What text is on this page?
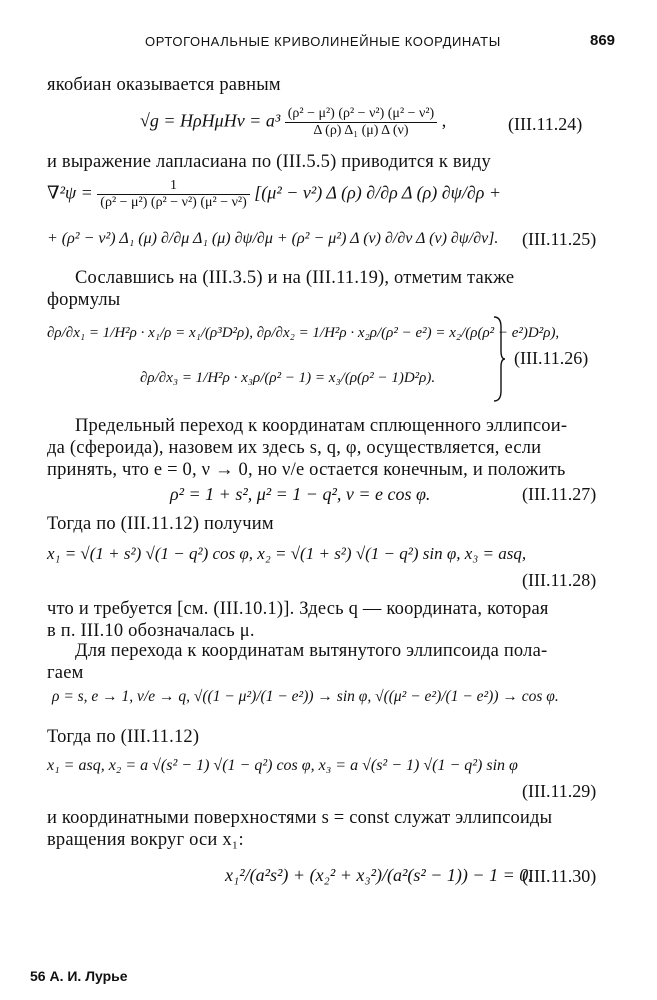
ОРТОГОНАЛЬНЫЕ КРИВОЛИНЕЙНЫЕ КООРДИНАТЫ	869
якобиан оказывается равным
$√g = H\rho H\mu H\nu = a^3 \frac{\text{(ρ² − μ²) (ρ² − ν²) (μ² − ν²)}}{\text{Δ (ρ) Δ₁ (μ) Δ (ν)}}$ ,	(III.11.24)
и выражение лапласиана по (III.5.5) приводится к виду
$\nabla^2\psi = \frac{1}{\text{(ρ² − μ²) (ρ² − ν²) (μ² − ν²)}} [(\mu^2 - \nu^2)$ Δ (ρ) ∂/∂ρ Δ (ρ) ∂ψ/∂ρ +
+ (ρ² − ν²) Δ₁ (μ) ∂/∂μ Δ₁ (μ) ∂ψ/∂μ + (ρ² − μ²) Δ (ν) ∂/∂ν Δ (ν) ∂ψ/∂ν]. (III.11.25)
Сославшись на (III.3.5) и на (III.11.19), отметим также
формулы
∂ρ/∂x₁ = 1/H²ρ · x₁/ρ = x₁/(ρ³D²ρ), ∂ρ/∂x₂ = 1/H²ρ · x₂ρ/(ρ² − e²) = x₂/(ρ(ρ² − e²)D²ρ),
∂ρ/∂x₃ = 1/H²ρ · x₃ρ/(ρ² − 1) = x₃/(ρ(ρ² − 1)D²ρ).
(III.11.26)
Предельный переход к координатам сплющенного эллипсои-
да (сфероида), назовем их здесь s, q, φ, осуществляется, если
принять, что e = 0, ν → 0, но ν/e остается конечным, и положить
ρ² = 1 + s², μ² = 1 − q², ν = e cos φ.	(III.11.27)
Тогда по (III.11.12) получим
x₁ = √(1 + s²) √(1 − q²) cos φ, x₂ = √(1 + s²) √(1 − q²) sin φ, x₃ = asq,
(III.11.28)
что и требуется [см. (III.10.1)]. Здесь q — координата, которая
в п. III.10 обозначалась μ.
Для перехода к координатам вытянутого эллипсоида пола-
гаем
ρ = s, e → 1, ν/e → q, √((1 − μ²)/(1 − e²)) → sin φ, √((μ² − e²)/(1 − e²)) → cos φ.
Тогда по (III.11.12)
x₁ = asq, x₂ = a √(s² − 1) √(1 − q²) cos φ, x₃ = a √(s² − 1) √(1 − q²) sin φ
(III.11.29)
и координатными поверхностями s = const служат эллипсоиды
вращения вокруг оси x₁:
x₁²/(a²s²) + (x₂² + x₃²)/(a²(s² − 1)) − 1 = 0.
(III.11.30)
56 А. И. Лурье
